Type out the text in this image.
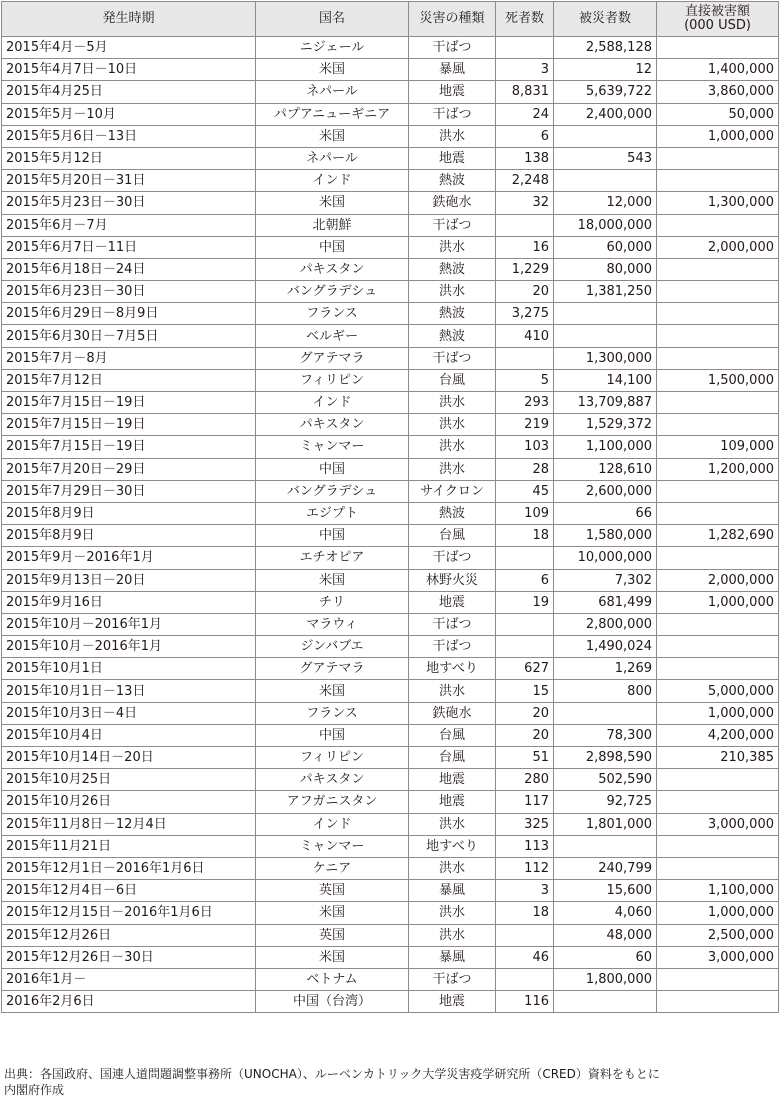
発生時期	国名	災害の種類	死者数	被災者数	直接被害額
(000 USD)
2015年4月－5月	ニジェール	干ばつ		2,588,128	
2015年4月7日－10日	米国	暴風	3	12	1,400,000
2015年4月25日	ネパール	地震	8,831	5,639,722	3,860,000
2015年5月－10月	パプアニューギニア	干ばつ	24	2,400,000	50,000
2015年5月6日－13日	米国	洪水	6		1,000,000
2015年5月12日	ネパール	地震	138	543	
2015年5月20日－31日	インド	熱波	2,248		
2015年5月23日－30日	米国	鉄砲水	32	12,000	1,300,000
2015年6月－7月	北朝鮮	干ばつ		18,000,000	
2015年6月7日－11日	中国	洪水	16	60,000	2,000,000
2015年6月18日－24日	パキスタン	熱波	1,229	80,000	
2015年6月23日－30日	バングラデシュ	洪水	20	1,381,250	
2015年6月29日－8月9日	フランス	熱波	3,275		
2015年6月30日－7月5日	ベルギー	熱波	410		
2015年7月－8月	グアテマラ	干ばつ		1,300,000	
2015年7月12日	フィリピン	台風	5	14,100	1,500,000
2015年7月15日－19日	インド	洪水	293	13,709,887	
2015年7月15日－19日	パキスタン	洪水	219	1,529,372	
2015年7月15日－19日	ミャンマー	洪水	103	1,100,000	109,000
2015年7月20日－29日	中国	洪水	28	128,610	1,200,000
2015年7月29日－30日	バングラデシュ	サイクロン	45	2,600,000	
2015年8月9日	エジプト	熱波	109	66	
2015年8月9日	中国	台風	18	1,580,000	1,282,690
2015年9月－2016年1月	エチオピア	干ばつ		10,000,000	
2015年9月13日－20日	米国	林野火災	6	7,302	2,000,000
2015年9月16日	チリ	地震	19	681,499	1,000,000
2015年10月－2016年1月	マラウィ	干ばつ		2,800,000	
2015年10月－2016年1月	ジンバブエ	干ばつ		1,490,024	
2015年10月1日	グアテマラ	地すべり	627	1,269	
2015年10月1日－13日	米国	洪水	15	800	5,000,000
2015年10月3日－4日	フランス	鉄砲水	20		1,000,000
2015年10月4日	中国	台風	20	78,300	4,200,000
2015年10月14日－20日	フィリピン	台風	51	2,898,590	210,385
2015年10月25日	パキスタン	地震	280	502,590	
2015年10月26日	アフガニスタン	地震	117	92,725	
2015年11月8日－12月4日	インド	洪水	325	1,801,000	3,000,000
2015年11月21日	ミャンマー	地すべり	113		
2015年12月1日－2016年1月6日	ケニア	洪水	112	240,799	
2015年12月4日－6日	英国	暴風	3	15,600	1,100,000
2015年12月15日－2016年1月6日	米国	洪水	18	4,060	1,000,000
2015年12月26日	英国	洪水		48,000	2,500,000
2015年12月26日－30日	米国	暴風	46	60	3,000,000
2016年1月－	ベトナム	干ばつ		1,800,000	
2016年2月6日	中国（台湾）	地震	116		
出典：各国政府、国連人道問題調整事務所（UNOCHA）、ルーベンカトリック大学災害疫学研究所（CRED）資料をもとに
内閣府作成
